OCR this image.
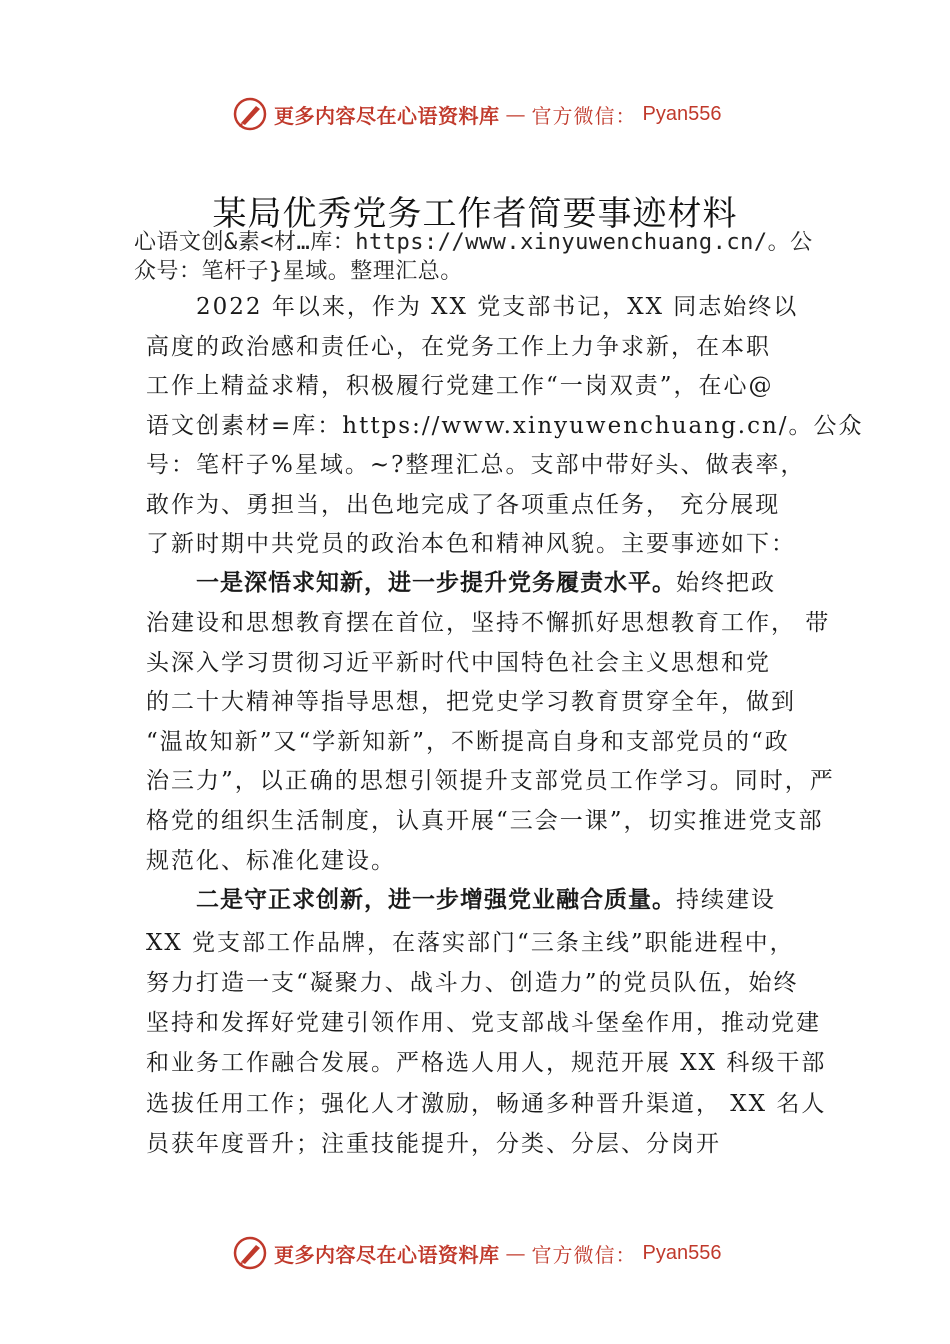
更多内容尽在心语资料库 — 官方微信： Pyan556
某局优秀党务工作者简要事迹材料
心语文创&素<材…库：https://www.xinyuwenchuang.cn/。公众号：笔杆子}星域。整理汇总。
2022 年以来，作为 XX 党支部书记，XX 同志始终以
高度的政治感和责任心，在党务工作上力争求新，在本职
工作上精益求精，积极履行党建工作“一岗双责”，在心@
语文创素材=库：https://www.xinyuwenchuang.cn/。公众
号：笔杆子%星域。~?整理汇总。支部中带好头、做表率，
敢作为、勇担当，出色地完成了各项重点任务， 充分展现
了新时期中共党员的政治本色和精神风貌。主要事迹如下：
一是深悟求知新，进一步提升党务履责水平。始终把政
治建设和思想教育摆在首位，坚持不懈抓好思想教育工作， 带
头深入学习贯彻习近平新时代中国特色社会主义思想和党
的二十大精神等指导思想，把党史学习教育贯穿全年，做到
“温故知新”又“学新知新”，不断提高自身和支部党员的“政
治三力”，以正确的思想引领提升支部党员工作学习。同时，严
格党的组织生活制度，认真开展“三会一课”，切实推进党支部
规范化、标准化建设。
二是守正求创新，进一步增强党业融合质量。持续建设
XX 党支部工作品牌，在落实部门“三条主线”职能进程中，
努力打造一支“凝聚力、战斗力、创造力”的党员队伍，始终
坚持和发挥好党建引领作用、党支部战斗堡垒作用，推动党建
和业务工作融合发展。严格选人用人，规范开展 XX 科级干部
选拔任用工作；强化人才激励，畅通多种晋升渠道， XX 名人
员获年度晋升；注重技能提升，分类、分层、分岗开
更多内容尽在心语资料库 — 官方微信： Pyan556
